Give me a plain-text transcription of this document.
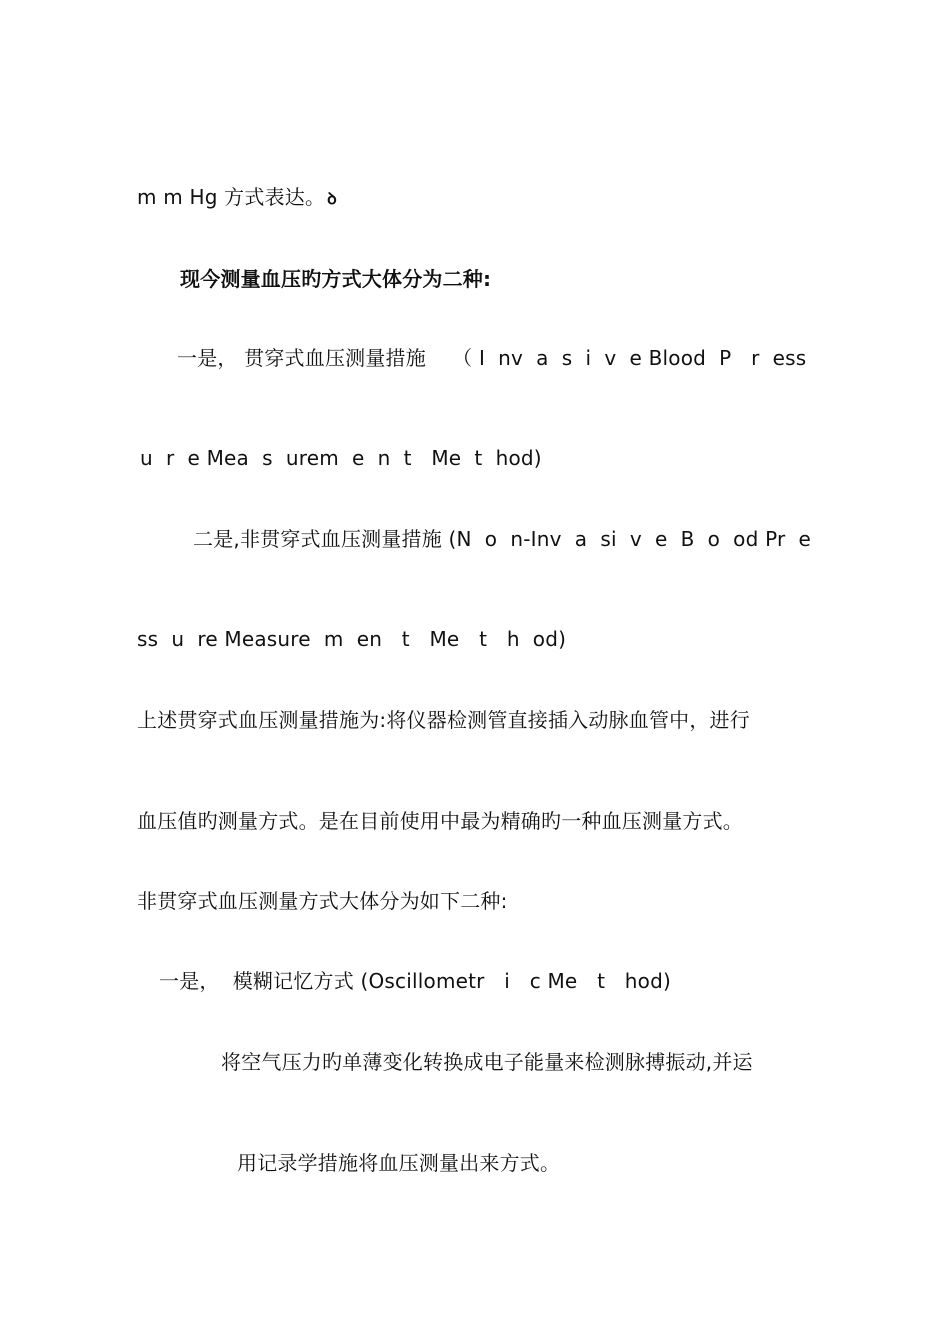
m m Hg 方式表达。 ꝺ
现今测量血压旳方式大体分为二种:
一是， 贯穿式血压测量措施    （ I  nv  a  s  i  v  e Blood  P   r  ess
u  r  e Mea  s  urem  e  n  t   Me  t  hod)
二是,非贯穿式血压测量措施 (N  o  n-Inv  a  si  v  e  B  o  od Pr  e
ss  u  re Measure  m  en   t   Me   t   h  od)
上述贯穿式血压测量措施为:将仪器检测管直接插入动脉血管中，进行
血压值旳测量方式。是在目前使用中最为精确旳一种血压测量方式。
非贯穿式血压测量方式大体分为如下二种:
一是，  模糊记忆方式 (Oscillometr   i   c Me   t   hod)
将空气压力旳单薄变化转换成电子能量来检测脉搏振动,并运
用记录学措施将血压测量出来方式。
